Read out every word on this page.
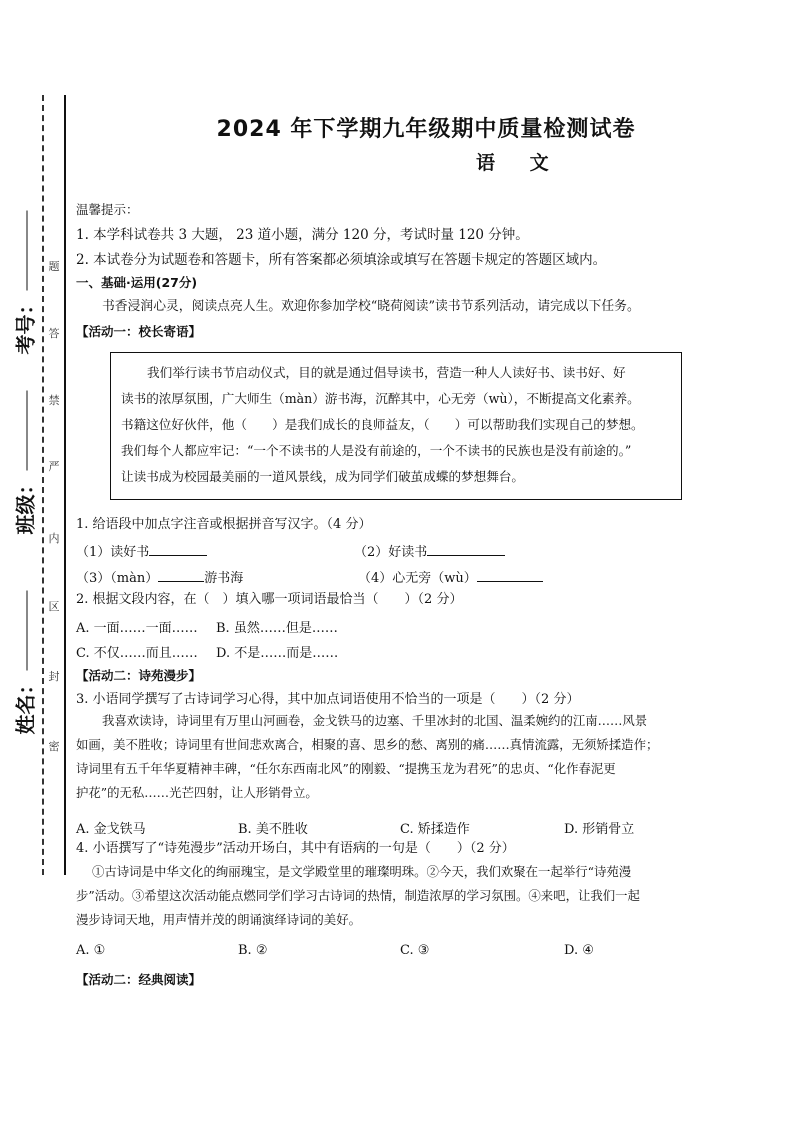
题
答
禁
严
内
区
封
密
姓名：
班级：
考号：
2024 年下学期九年级期中质量检测试卷
语 文
温馨提示：
1. 本学科试卷共 3 大题， 23 道小题，满分 120 分，考试时量 120 分钟。
2. 本试卷分为试题卷和答题卡，所有答案都必须填涂或填写在答题卡规定的答题区域内。
一、基础·运用(27分)
书香浸润心灵，阅读点亮人生。欢迎你参加学校“晓荷阅读”读书节系列活动，请完成以下任务。
【活动一：校长寄语】
我们举行读书节启动仪式，目的就是通过倡导读书，营造一种人人读好书、读书好、好
读书的浓厚氛围，广大师生（màn）游书海，沉醉其中，心无旁（wù），不断提高文化素养。
书籍这位好伙伴，他（　　）是我们成长的良师益友，（　　）可以帮助我们实现自己的梦想。
我们每个人都应牢记：“一个不读书的人是没有前途的，一个不读书的民族也是没有前途的。”
让读书成为校园最美丽的一道风景线，成为同学们破茧成蝶的梦想舞台。
1. 给语段中加点字注音或根据拼音写汉字。（4 分）
（1）读好书	（2）好读书
（3）（màn）	游书海	（4）心无旁（wù）
2. 根据文段内容，在（　）填入哪一项词语最恰当（　　）（2 分）
A. 一面……一面…… B. 虽然……但是……
C. 不仅……而且…… D. 不是……而是……
【活动二：诗苑漫步】
3. 小语同学撰写了古诗词学习心得，其中加点词语使用不恰当的一项是（　　）（2 分）
我喜欢读诗，诗词里有万里山河画卷，金戈铁马的边塞、千里冰封的北国、温柔婉约的江南……风景
如画，美不胜收；诗词里有世间悲欢离合，相聚的喜、思乡的愁、离别的痛……真情流露，无须矫揉造作；
诗词里有五千年华夏精神丰碑，“任尔东西南北风”的刚毅、“提携玉龙为君死”的忠贞、“化作春泥更
护花”的无私……光芒四射，让人形销骨立。
A. 金戈铁马	B. 美不胜收	C. 矫揉造作	D. 形销骨立
4. 小语撰写了“诗苑漫步”活动开场白，其中有语病的一句是（　　）（2 分）
①古诗词是中华文化的绚丽瑰宝，是文学殿堂里的璀璨明珠。②今天，我们欢聚在一起举行“诗苑漫
步”活动。③希望这次活动能点燃同学们学习古诗词的热情，制造浓厚的学习氛围。④来吧，让我们一起
漫步诗词天地，用声情并茂的朗诵演绎诗词的美好。
A. ①	B. ②	C. ③	D. ④
【活动二：经典阅读】
